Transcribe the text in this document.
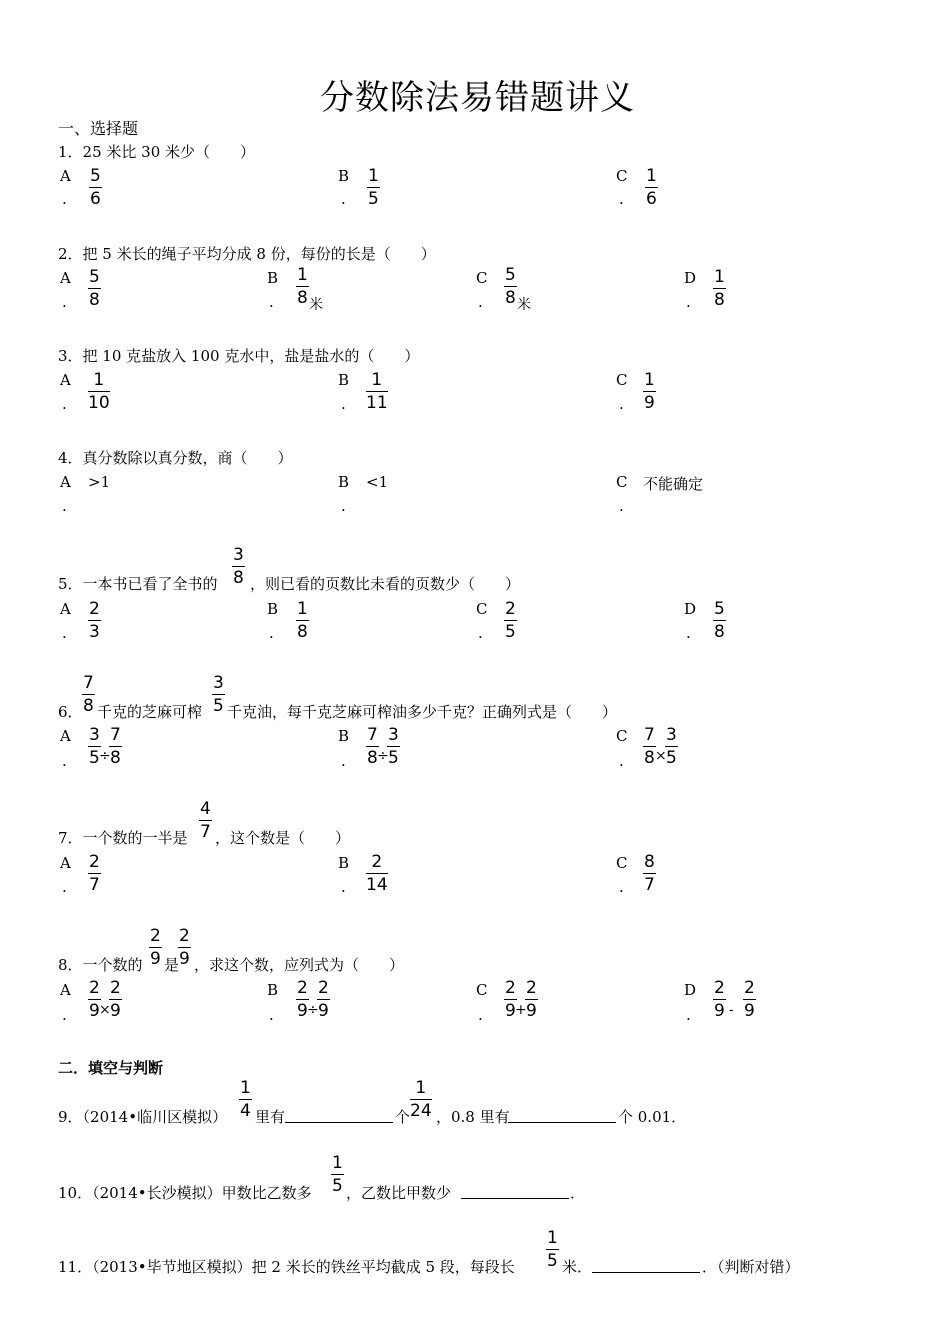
分数除法易错题讲义
一、选择题
1．25 米比 30 米少（　　）
A
.
5
6
B
.
1
5
C
.
1
6
2．把 5 米长的绳子平均分成 8 份，每份的长是（　　）
A
.
5
8
B
.
1
8 米
C
.
5
8 米
D
.
1
8
3．把 10 克盐放入 100 克水中，盐是盐水的（　　）
A
.
1
10
B
.
1
11
C
.
1
9
4．真分数除以真分数，商（　　）
A
.
>1	B
.
<1	C
.
不能确定
5．一本书已看了全书的
3
8 ，则已看的页数比未看的页数少（　　）
A
.
2
3
B
.
1
8
C
.
2
5
D
.
5
8
6．
7
8 千克的芝麻可榨
3
5 千克油，每千克芝麻可榨油多少千克？正确列式是（　　）
A
.
3
5 ÷
7
8
B
.
7
8 ÷
3
5
C
.
7
8 ×
3
5
7．一个数的一半是
4
7 ，这个数是（　　）
A
.
2
7
B
.
2
14
C
.
8
7
8．一个数的
2
9 是
2
9 ，求这个数，应列式为（　　）
A
.
2
9 ×
2
9
B
.
2
9 ÷
2
9
C
.
2
9 +
2
9
D
.
2
9 -
2
9
二．填空与判断
9．（2014•临川区模拟）
1
4 里有	个
1
24 ，0.8 里有	个 0.01．
10．（2014•长沙模拟）甲数比乙数多
1
5 ，乙数比甲数少	．
11．（2013•毕节地区模拟）把 2 米长的铁丝平均截成 5 段，每段长
1
5 米．	．（判断对错）
